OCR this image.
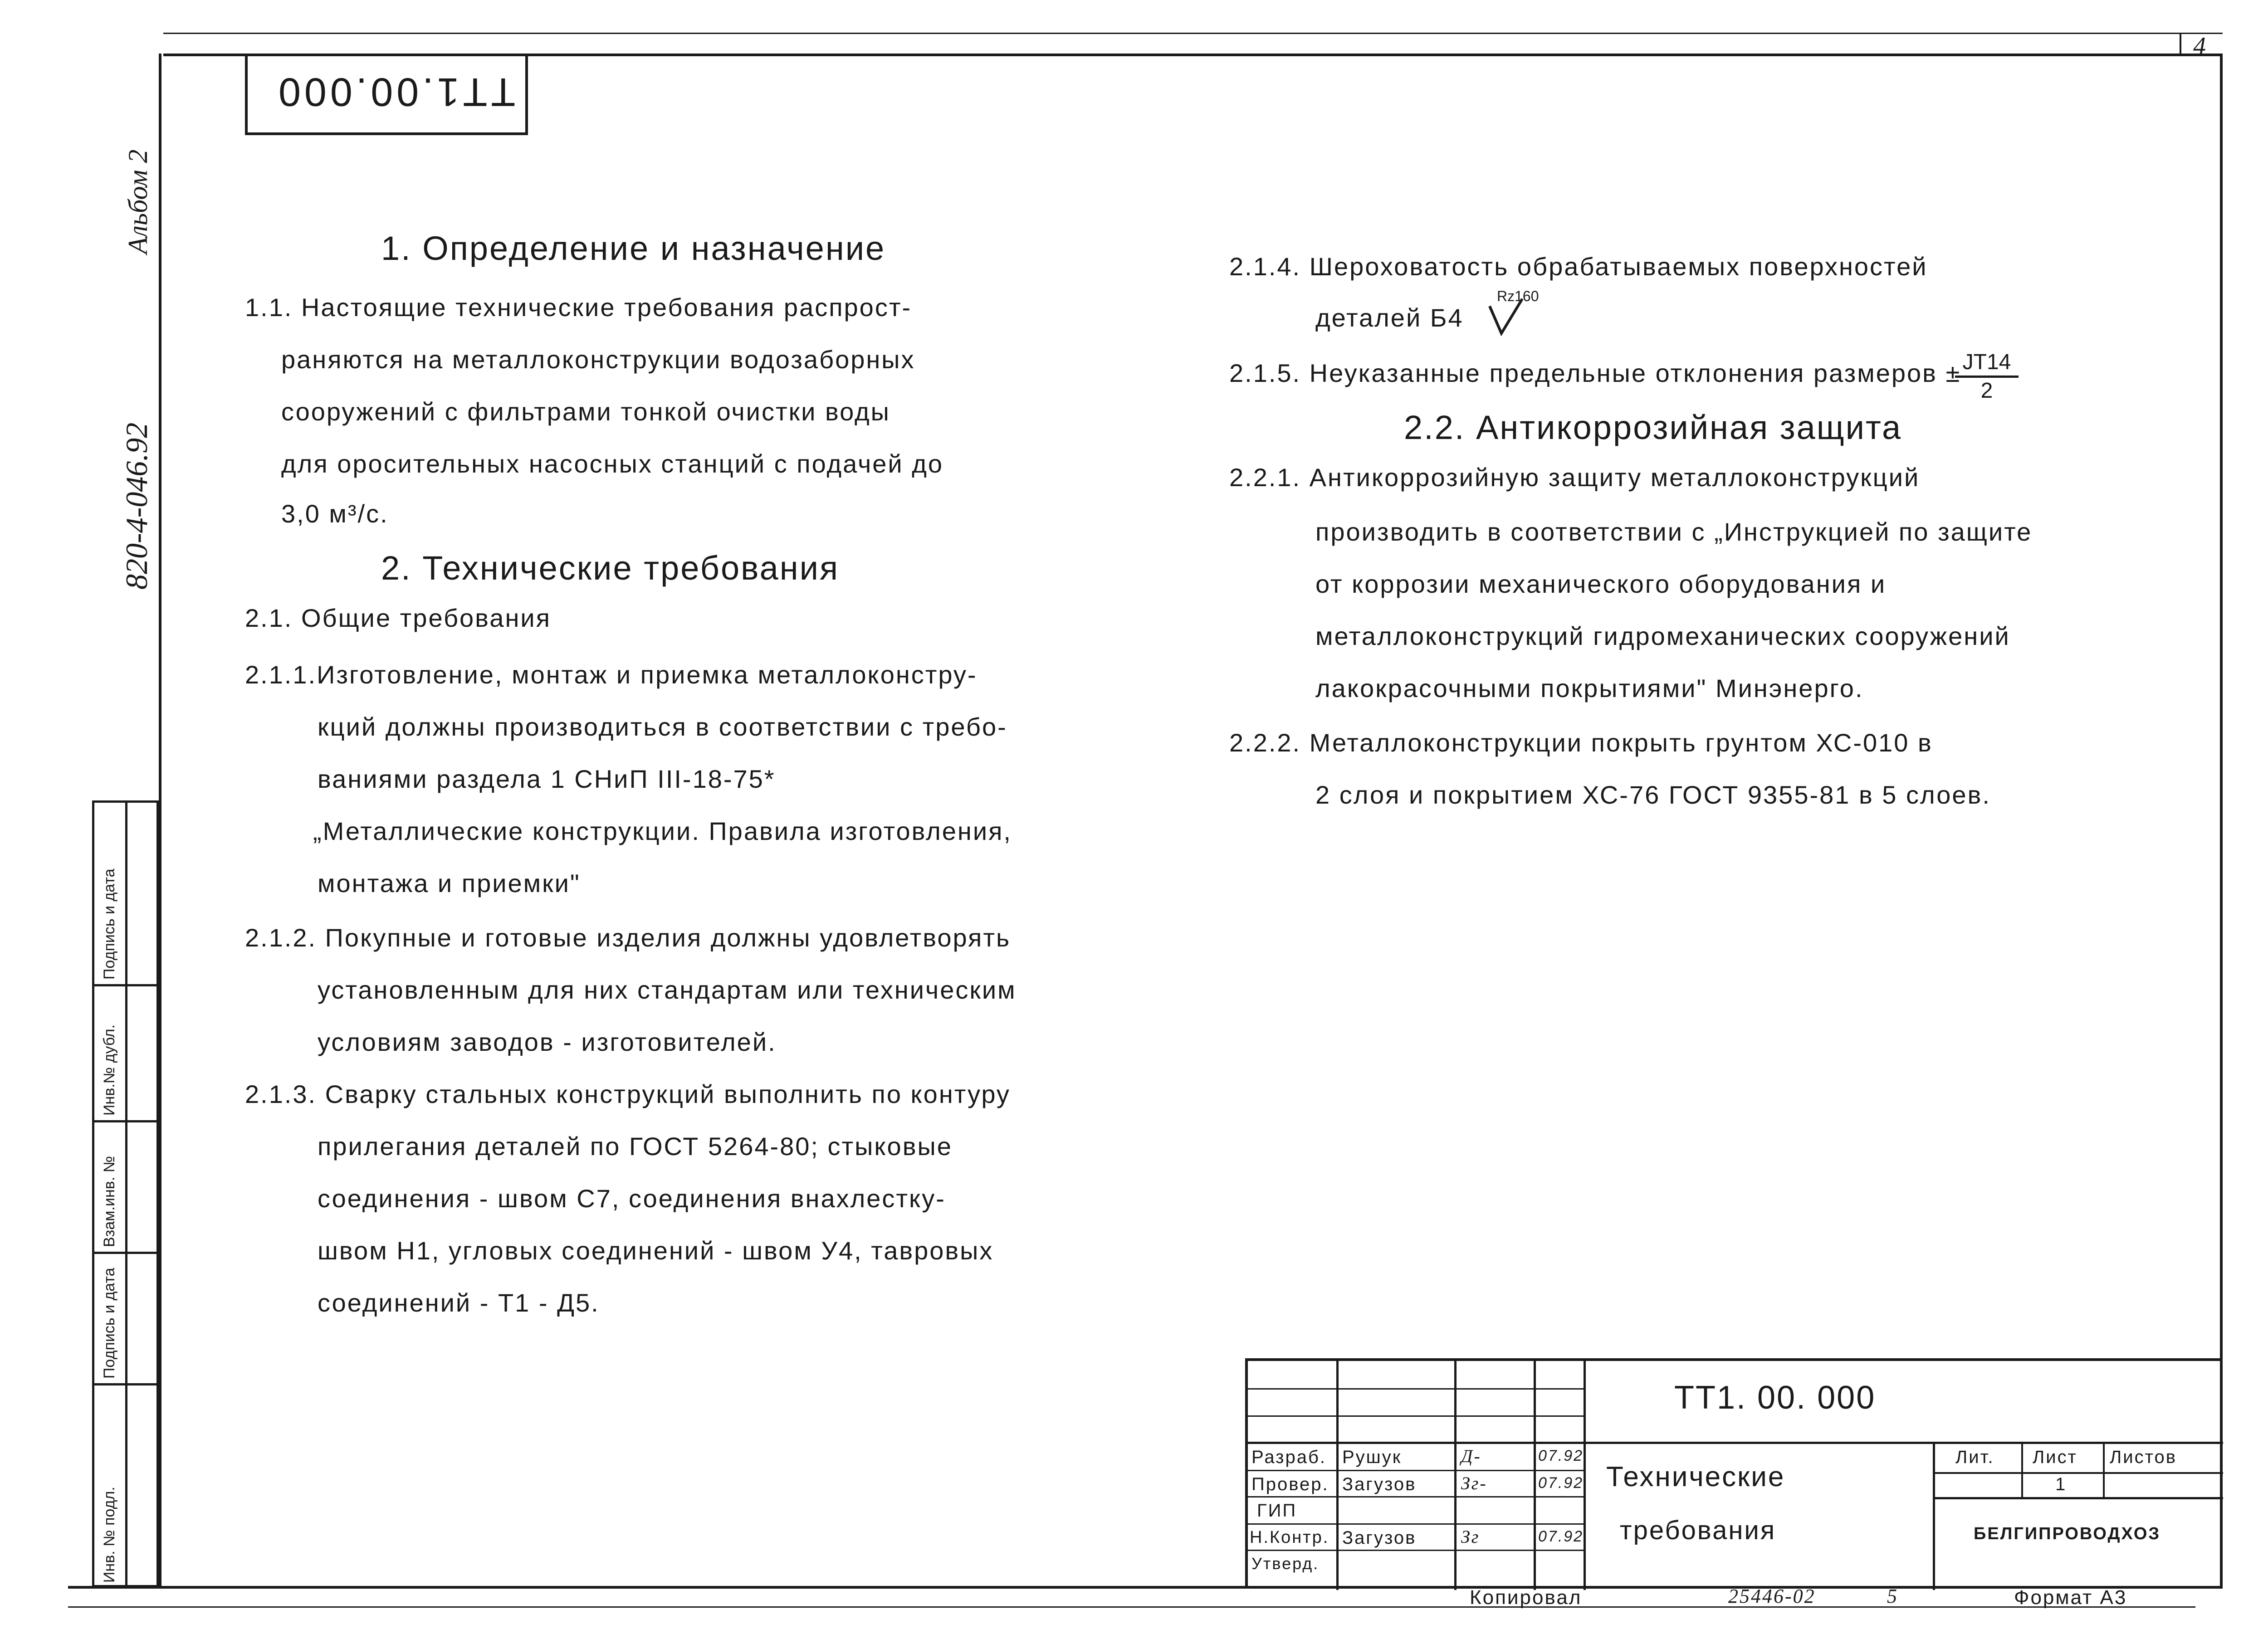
4
ТТ1.00.000
Альбом 2
820-4-046.92
Инв. № подл.
Подпись и дата
Взам.инв. №
Инв.№ дубл.
Подпись и дата
1. Определение и назначение
1.1. Настоящие технические требования распрост-
раняются на металлоконструкции водозаборных
сооружений с фильтрами тонкой очистки воды
для оросительных насосных станций с подачей до
3,0 м³/с.
2. Технические требования
2.1. Общие требования
2.1.1.Изготовление, монтаж и приемка металлоконстру-
кций должны производиться в соответствии с требо-
ваниями раздела 1 СНиП III-18-75*
„Металлические конструкции. Правила изготовления,
монтажа и приемки"
2.1.2. Покупные и готовые изделия должны удовлетворять
установленным для них стандартам или техническим
условиям заводов - изготовителей.
2.1.3. Сварку стальных конструкций выполнить по контуру
прилегания деталей по ГОСТ 5264-80; стыковые
соединения - швом С7, соединения внахлестку-
швом Н1, угловых соединений - швом У4, тавровых
соединений - Т1 - Д5.
2.1.4. Шероховатость обрабатываемых поверхностей
деталей Б4
Rz160
2.1.5. Неуказанные предельные отклонения размеров ±
$\frac{JT14}{2}$
2.2. Антикоррозийная защита
2.2.1. Антикоррозийную защиту металлоконструкций
производить в соответствии с „Инструкцией по защите
от коррозии механического оборудования и
металлоконструкций гидромеханических сооружений
лакокрасочными покрытиями" Минэнерго.
2.2.2. Металлоконструкции покрыть грунтом ХС-010 в
2 слоя и покрытием ХС-76 ГОСТ 9355-81 в 5 слоев.
ТТ1. 00. 000
Разраб. Рушук	Д-	07.92
Провер. Загузов Зг-	07.92
ГИП
Н.Контр. Загузов Зг	07.92
Утверд.
Технические
требования
Лит. Лист Листов
1
БЕЛГИПРОВОДХОЗ
Копировал	25446-02	5	Формат А3
